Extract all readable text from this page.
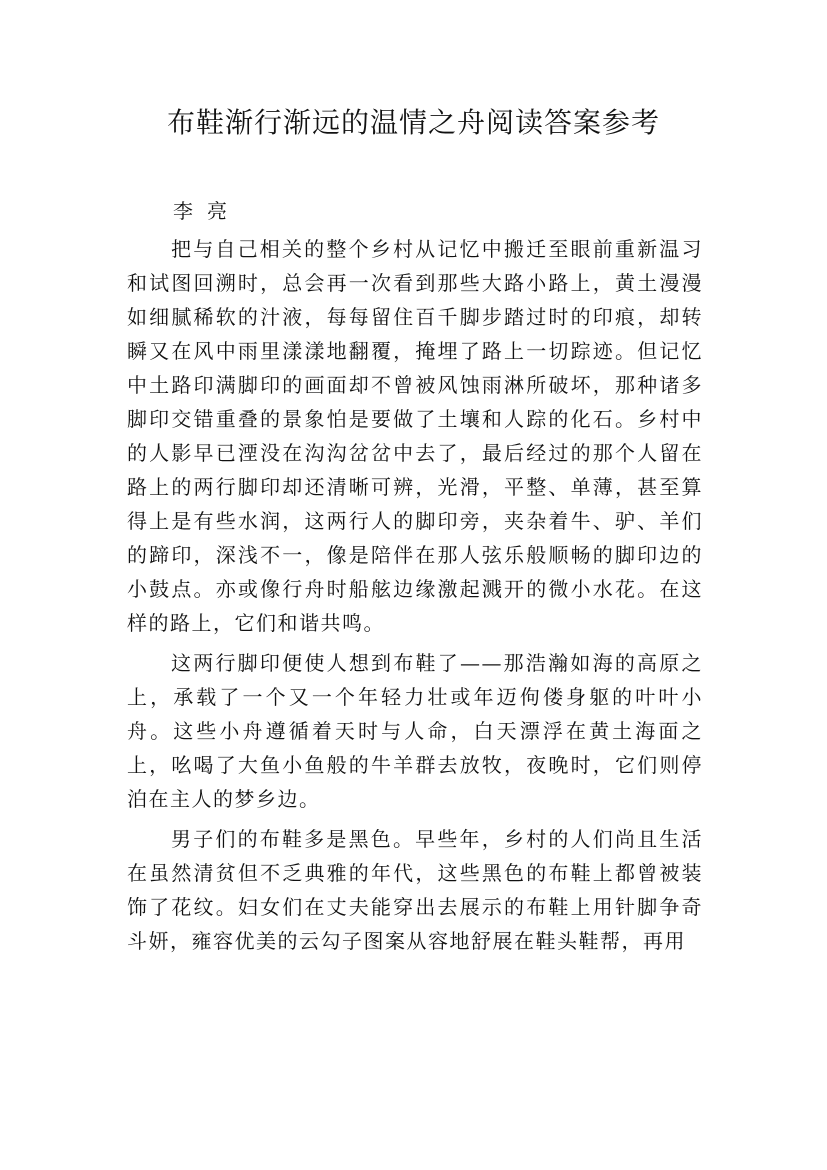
布鞋渐行渐远的温情之舟阅读答案参考

李亮

把与自己相关的整个乡村从记忆中搬迁至眼前重新温习和试图回溯时，总会再一次看到那些大路小路上，黄土漫漫如细腻稀软的汁液，每每留住百千脚步踏过时的印痕，却转瞬又在风中雨里漾漾地翻覆，掩埋了路上一切踪迹。但记忆中土路印满脚印的画面却不曾被风蚀雨淋所破坏，那种诸多脚印交错重叠的景象怕是要做了土壤和人踪的化石。乡村中的人影早已湮没在沟沟岔岔中去了，最后经过的那个人留在路上的两行脚印却还清晰可辨，光滑，平整、单薄，甚至算得上是有些水润，这两行人的脚印旁，夹杂着牛、驴、羊们的蹄印，深浅不一，像是陪伴在那人弦乐般顺畅的脚印边的小鼓点。亦或像行舟时船舷边缘激起溅开的微小水花。在这样的路上，它们和谐共鸣。

这两行脚印便使人想到布鞋了——那浩瀚如海的高原之上，承载了一个又一个年轻力壮或年迈佝偻身躯的叶叶小舟。这些小舟遵循着天时与人命，白天漂浮在黄土海面之上，吆喝了大鱼小鱼般的牛羊群去放牧，夜晚时，它们则停泊在主人的梦乡边。

男子们的布鞋多是黑色。早些年，乡村的人们尚且生活在虽然清贫但不乏典雅的年代，这些黑色的布鞋上都曾被装饰了花纹。妇女们在丈夫能穿出去展示的布鞋上用针脚争奇斗妍，雍容优美的云勾子图案从容地舒展在鞋头鞋帮，再用
